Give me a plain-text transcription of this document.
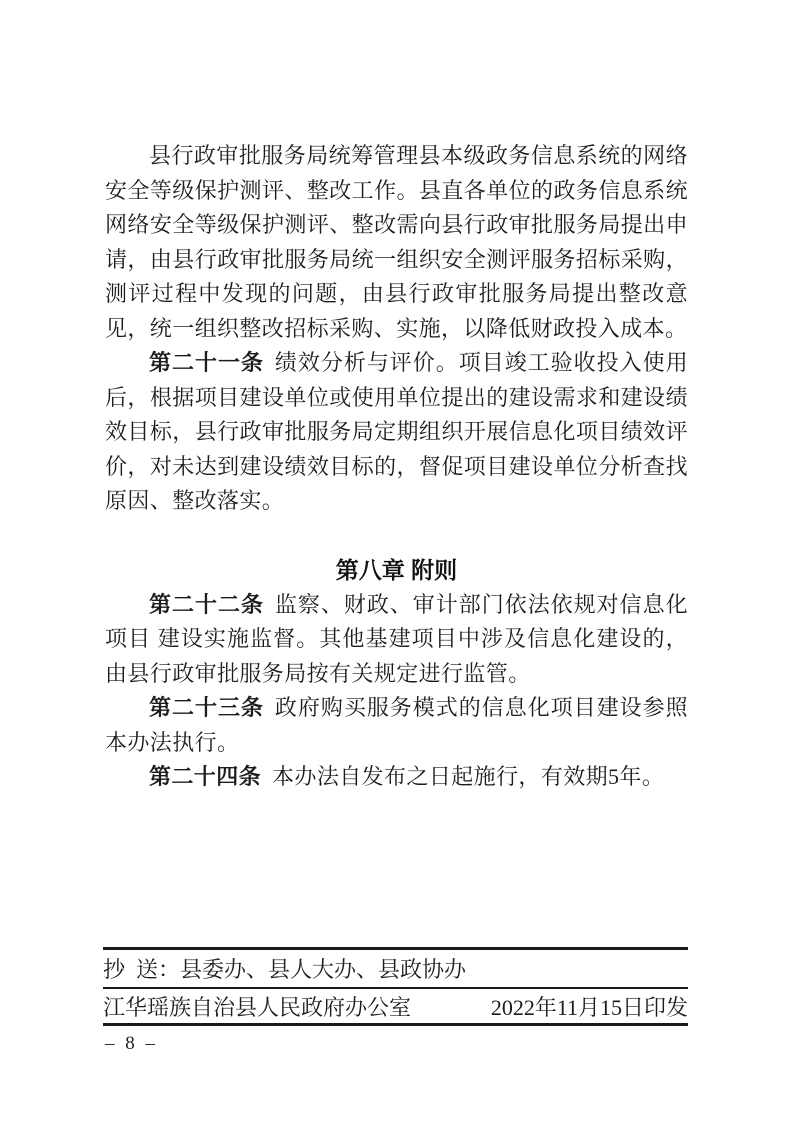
县行政审批服务局统筹管理县本级政务信息系统的网络安全等级保护测评、整改工作。县直各单位的政务信息系统网络安全等级保护测评、整改需向县行政审批服务局提出申请，由县行政审批服务局统一组织安全测评服务招标采购，测评过程中发现的问题，由县行政审批服务局提出整改意见，统一组织整改招标采购、实施，以降低财政投入成本。

第二十一条 绩效分析与评价。项目竣工验收投入使用后，根据项目建设单位或使用单位提出的建设需求和建设绩效目标，县行政审批服务局定期组织开展信息化项目绩效评价，对未达到建设绩效目标的，督促项目建设单位分析查找原因、整改落实。

第八章 附则

第二十二条 监察、财政、审计部门依法依规对信息化项目 建设实施监督。其他基建项目中涉及信息化建设的，由县行政审批服务局按有关规定进行监管。

第二十三条 政府购买服务模式的信息化项目建设参照本办法执行。

第二十四条 本办法自发布之日起施行，有效期5年。

抄  送： 县委办、县人大办、县政协办
江华瑶族自治县人民政府办公室	2022年11月15日印发
– 8 –
